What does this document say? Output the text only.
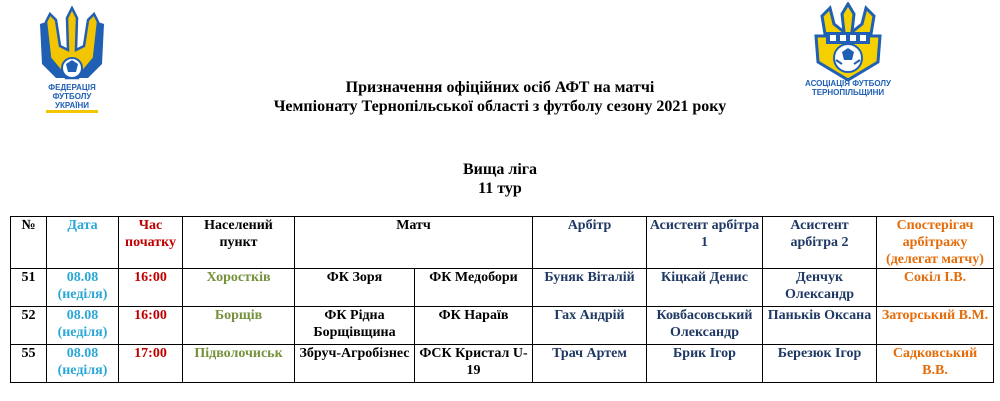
ФЕДЕРАЦІЯ
ФУТБОЛУ
УКРАЇНИ
АСОЦІАЦІЯ ФУТБОЛУ
ТЕРНОПІЛЬЩИНИ
Призначення офіційних осіб АФТ на матчі
Чемпіонату Тернопільської області з футболу сезону 2021 року
Вища ліга
11 тур
№	Дата	Час початку	Населений пункт	Матч		Арбітр	Асистент арбітра 1	Асистент арбітра 2	Спостерігач арбітражу (делегат матчу)
51	08.08 (неділя)	16:00	Хоростків	ФК Зоря	ФК Медобори	Буняк Віталій	Кіцкай Денис	Денчук Олександр	Сокіл І.В.
52	08.08 (неділя)	16:00	Борщів	ФК Рідна Борщівщина	ФК Нараїв	Гах Андрій	Ковбасовський Олександр	Паньків Оксана	Заторський В.М.
55	08.08 (неділя)	17:00	Підволочиськ	Збруч-Агробізнес	ФСК Кристал U-19	Трач Артем	Брик Ігор	Березюк Ігор	Садковський В.В.
